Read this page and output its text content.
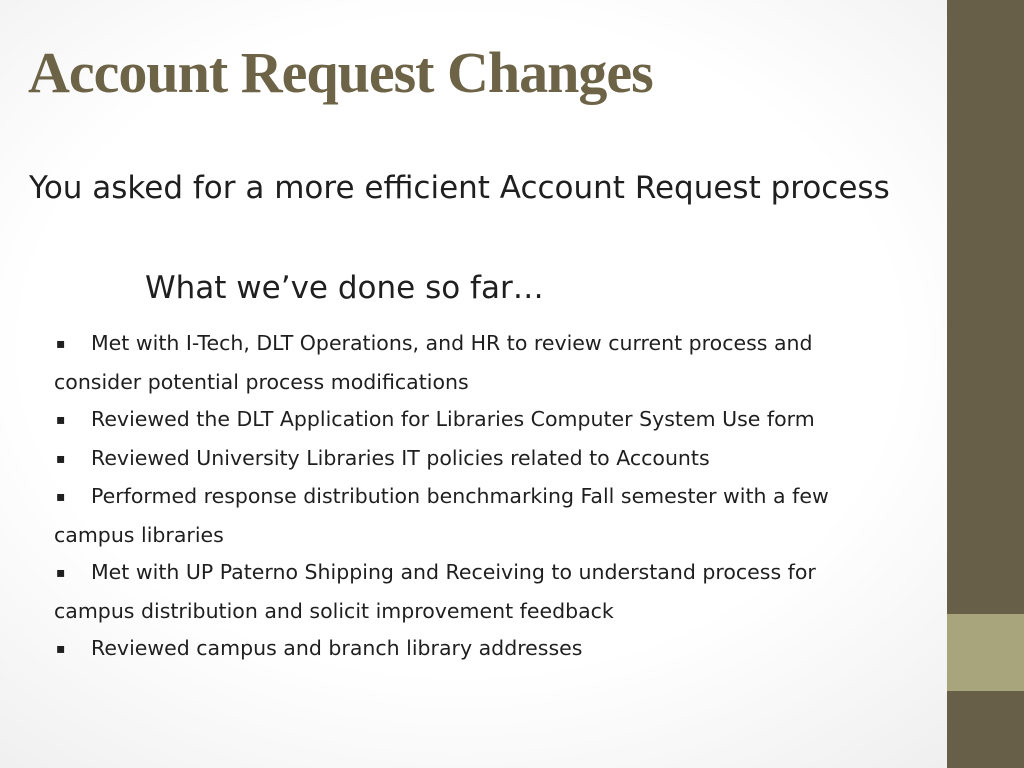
Account Request Changes

You asked for a more efficient Account Request process

What we’ve done so far…

▪ Met with I-Tech, DLT Operations, and HR to review current process and consider potential process modifications
▪ Reviewed the DLT Application for Libraries Computer System Use form
▪ Reviewed University Libraries IT policies related to Accounts
▪ Performed response distribution benchmarking Fall semester with a few campus libraries
▪ Met with UP Paterno Shipping and Receiving to understand process for campus distribution and solicit improvement feedback
▪ Reviewed campus and branch library addresses
